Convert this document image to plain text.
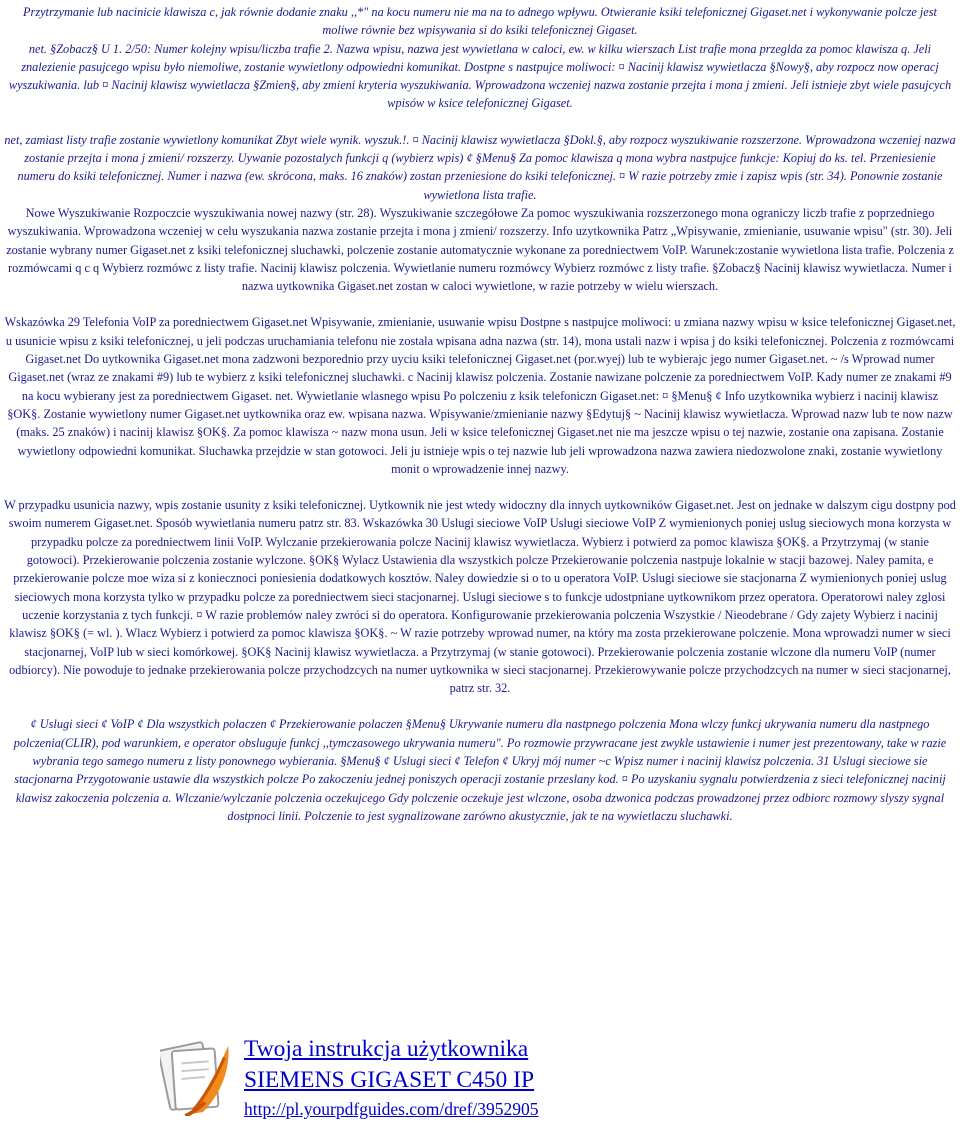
Przytrzymanie lub nacinicie klawisza c, jak równie dodanie znaku ,,*" na kocu numeru nie ma na to adnego wpływu. Otwieranie ksiki telefonicznej Gigaset.net i wykonywanie polcze jest moliwe równie bez wpisywania si do ksiki telefonicznej Gigaset.
net. §Zobacz§ U 1. 2/50: Numer kolejny wpisu/liczba trafie 2. Nazwa wpisu, nazwa jest wywietlana w caloci, ew. w kilku wierszach List trafie mona przeglda za pomoc klawisza q. Jeli znalezienie pasujcego wpisu było niemoliwe, zostanie wywietlony odpowiedni komunikat. Dostpne s nastpujce moliwoci: ¤ Nacinij klawisz wywietlacza §Nowy§, aby rozpocz now operacj wyszukiwania. lub ¤ Nacinij klawisz wywietlacza §Zmien§, aby zmieni kryteria wyszukiwania. Wprowadzona wczeniej nazwa zostanie przejta i mona j zmieni. Jeli istnieje zbyt wiele pasujcych wpisów w ksice telefonicznej Gigaset.
net, zamiast listy trafie zostanie wywietlony komunikat Zbyt wiele wynik. wyszuk.!. ¤ Nacinij klawisz wywietlacza §Dokl.§, aby rozpocz wyszukiwanie rozszerzone. Wprowadzona wczeniej nazwa zostanie przejta i mona j zmieni/ rozszerzy. Uywanie pozostalych funkcji q (wybierz wpis) ¢ §Menu§ Za pomoc klawisza q mona wybra nastpujce funkcje: Kopiuj do ks. tel. Przeniesienie numeru do ksiki telefonicznej. Numer i nazwa (ew. skrócona, maks. 16 znaków) zostan przeniesione do ksiki telefonicznej. ¤ W razie potrzeby zmie i zapisz wpis (str. 34). Ponownie zostanie wywietlona lista trafie.
Nowe Wyszukiwanie Rozpoczcie wyszukiwania nowej nazwy (str. 28). Wyszukiwanie szczegółowe Za pomoc wyszukiwania rozszerzonego mona ograniczy liczb trafie z poprzedniego wyszukiwania. Wprowadzona wczeniej w celu wyszukania nazwa zostanie przejta i mona j zmieni/ rozszerzy. Info uzytkownika Patrz „Wpisywanie, zmienianie, usuwanie wpisu" (str. 30). Jeli zostanie wybrany numer Gigaset.net z ksiki telefonicznej sluchawki, polczenie zostanie automatycznie wykonane za poredniectwem VoIP. Warunek:zostanie wywietlona lista trafie. Polczenia z rozmówcami q c q Wybierz rozmówc z listy trafie. Nacinij klawisz polczenia. Wywietlanie numeru rozmówcy Wybierz rozmówc z listy trafie. §Zobacz§ Nacinij klawisz wywietlacza. Numer i nazwa uytkownika Gigaset.net zostan w caloci wywietlone, w razie potrzeby w wielu wierszach.
Wskazówka 29 Telefonia VoIP za poredniectwem Gigaset.net Wpisywanie, zmienianie, usuwanie wpisu Dostpne s nastpujce moliwoci: u zmiana nazwy wpisu w ksice telefonicznej Gigaset.net, u usunicie wpisu z ksiki telefonicznej, u jeli podczas uruchamiania telefonu nie zostala wpisana adna nazwa (str. 14), mona ustali nazw i wpisa j do ksiki telefonicznej. Polczenia z rozmówcami Gigaset.net Do uytkownika Gigaset.net mona zadzwoni bezporednio przy uyciu ksiki telefonicznej Gigaset.net (por.wyej) lub te wybierajc jego numer Gigaset.net. ~ /s Wprowad numer Gigaset.net (wraz ze znakami #9) lub te wybierz z ksiki telefonicznej sluchawki. c Nacinij klawisz polczenia. Zostanie nawizane polczenie za poredniectwem VoIP. Kady numer ze znakami #9 na kocu wybierany jest za poredniectwem Gigaset. net. Wywietlanie wlasnego wpisu Po polczeniu z ksik telefoniczn Gigaset.net: ¤ §Menu§ ¢ Info uzytkownika wybierz i nacinij klawisz §OK§. Zostanie wywietlony numer Gigaset.net uytkownika oraz ew. wpisana nazwa. Wpisywanie/zmienianie nazwy §Edytuj§ ~ Nacinij klawisz wywietlacza. Wprowad nazw lub te now nazw (maks. 25 znaków) i nacinij klawisz §OK§. Za pomoc klawisza ~ nazw mona usun. Jeli w ksice telefonicznej Gigaset.net nie ma jeszcze wpisu o tej nazwie, zostanie ona zapisana. Zostanie wywietlony odpowiedni komunikat. Sluchawka przejdzie w stan gotowoci. Jeli ju istnieje wpis o tej nazwie lub jeli wprowadzona nazwa zawiera niedozwolone znaki, zostanie wywietlony monit o wprowadzenie innej nazwy.
W przypadku usunicia nazwy, wpis zostanie usunity z ksiki telefonicznej. Uytkownik nie jest wtedy widoczny dla innych uytkowników Gigaset.net. Jest on jednake w dalszym cigu dostpny pod swoim numerem Gigaset.net. Sposób wywietlania numeru patrz str. 83. Wskazówka 30 Uslugi sieciowe VoIP Uslugi sieciowe VoIP Z wymienionych poniej uslug sieciowych mona korzysta w przypadku polcze za poredniectwem linii VoIP. Wylczanie przekierowania polcze Nacinij klawisz wywietlacza. Wybierz i potwierd za pomoc klawisza §OK§. a Przytrzymaj (w stanie gotowoci). Przekierowanie polczenia zostanie wylczone. §OK§ Wylacz Ustawienia dla wszystkich polcze Przekierowanie polczenia nastpuje lokalnie w stacji bazowej. Naley pamita, e przekierowanie polcze moe wiza si z koniecznoci poniesienia dodatkowych kosztów. Naley dowiedzie si o to u operatora VoIP. Uslugi sieciowe sie stacjonarna Z wymienionych poniej uslug sieciowych mona korzysta tylko w przypadku polcze za poredniectwem sieci stacjonarnej. Uslugi sieciowe s to funkcje udostpniane uytkownikom przez operatora. Operatorowi naley zglosi uczenie korzystania z tych funkcji. ¤ W razie problemów naley zwróci si do operatora. Konfigurowanie przekierowania polczenia Wszystkie / Nieodebrane / Gdy zajety Wybierz i nacinij klawisz §OK§ (= wl. ). Wlacz Wybierz i potwierd za pomoc klawisza §OK§. ~ W razie potrzeby wprowad numer, na który ma zosta przekierowane polczenie. Mona wprowadzi numer w sieci stacjonarnej, VoIP lub w sieci komórkowej. §OK§ Nacinij klawisz wywietlacza. a Przytrzymaj (w stanie gotowoci). Przekierowanie polczenia zostanie wlczone dla numeru VoIP (numer odbiorcy). Nie powoduje to jednake przekierowania polcze przychodzcych na numer uytkownika w sieci stacjonarnej. Przekierowywanie polcze przychodzcych na numer w sieci stacjonarnej, patrz str. 32.
¢ Uslugi sieci ¢ VoIP ¢ Dla wszystkich polaczen ¢ Przekierowanie polaczen §Menu§ Ukrywanie numeru dla nastpnego polczenia Mona wlczy funkcj ukrywania numeru dla nastpnego polczenia(CLIR), pod warunkiem, e operator obsluguje funkcj ,,tymczasowego ukrywania numeru". Po rozmowie przywracane jest zwykle ustawienie i numer jest prezentowany, take w razie wybrania tego samego numeru z listy ponownego wybierania. §Menu§ ¢ Uslugi sieci ¢ Telefon ¢ Ukryj mój numer ~c Wpisz numer i nacinij klawisz polczenia. 31 Uslugi sieciowe sie stacjonarna Przygotowanie ustawie dla wszystkich polcze Po zakoczeniu jednej poniszych operacji zostanie przeslany kod. ¤ Po uzyskaniu sygnalu potwierdzenia z sieci telefonicznej nacinij klawisz zakoczenia polczenia a. Wlczanie/wylczanie polczenia oczekujcego Gdy polczenie oczekuje jest wlczone, osoba dzwonica podczas prowadzonej przez odbiorc rozmowy slyszy sygnal dostpnoci linii. Polczenie to jest sygnalizowane zarówno akustycznie, jak te na wywietlaczu sluchawki.
Twoja instrukcja użytkownika
SIEMENS GIGASET C450 IP
http://pl.yourpdfguides.com/dref/3952905
